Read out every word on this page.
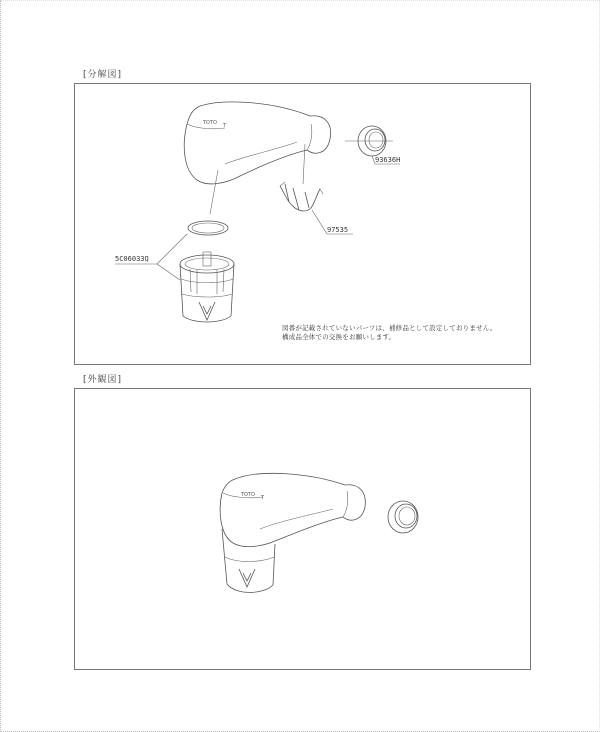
[分解図]
TOTO T
93636H
97535
5C06033Q
図番が記載されていないパーツは、補修品として設定しておりません。
構成品全体での交換をお願いします。
[外観図]
TOTO T
